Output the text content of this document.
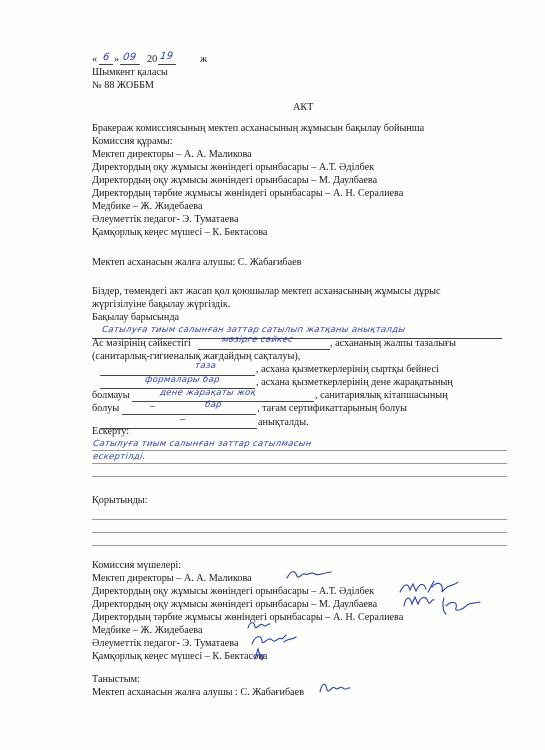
« 6 » 09 20 19	ж
Шымкент қаласы
№ 88 ЖОББМ
АКТ
Бракераж комиссиясының мектеп асханасының жұмысын бақылау бойынша
Комиссия құрамы:
Мектеп директоры – А. А. Маликова
Директордың оқу жұмысы жөніндегі орынбасары – А.Т. Әділбек
Директордың оқу жұмысы жөніндегі орынбасары – М. Даулбаева
Директордың тәрбие жұмысы жөніндегі орынбасары – А. Н. Сералиева
Медбике – Ж. Жидебаева
Әлеуметтік педагог- Э. Туматаева
Қамқорлық кеңес мүшесі – К. Бектасова
Мектеп асханасын жалға алушы: С. Жабағибаев
Біздер, төмендегі акт жасап қол қоюшылар мектеп асханасының жұмысы дұрыс
жүргізілуіне бақылау жүргіздік.
Бақылау барысында
Сатылуға тиым салынған заттар сатылып жатқаны анықталды
Ас мәзірінің сәйкестігі	мәзірге сәйкес	, асхананың жалпы тазалығы
(санитарлық-гигиеналық жағдайдың сақталуы),
таза	, асхана қызметкерлерінің сыртқы бейнесі
формалары бар	, асхана қызметкерлерінің дене жарақатының
болмауы	дене жарақаты жоқ	, санитариялық кітапшасының
болуы	–	бар	, тағам сертификаттарының болуы
–	анықталды.
Ескерту:
Сатылуға тиым салынған заттар сатылмасын
ескертілді.
Қорытынды:
Комиссия мүшелері:
Мектеп директоры – А. А. Маликова
Директордың оқу жұмысы жөніндегі орынбасары – А.Т. Әділбек
Директордың оқу жұмысы жөніндегі орынбасары – М. Даулбаева
Директордың тәрбие жұмысы жөніндегі орынбасары – А. Н. Сералиева
Медбике – Ж. Жидебаева
Әлеуметтік педагог- Э. Туматаева
Қамқорлық кеңес мүшесі – К. Бектасова
Таныстым:
Мектеп асханасын жалға алушы : С. Жабағибаев
